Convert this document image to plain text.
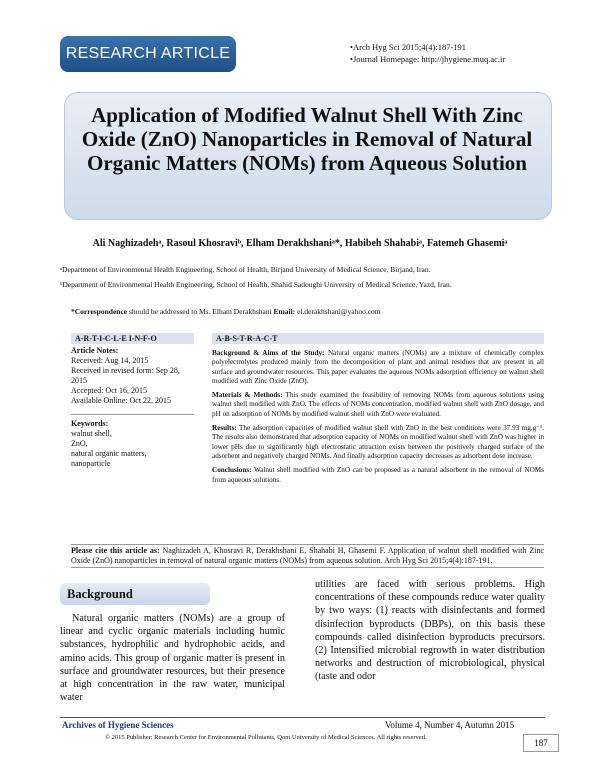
RESEARCH ARTICLE	•Arch Hyg Sci 2015;4(4):187-191
•Journal Homepage: http://jhygiene.muq.ac.ir
Application of Modified Walnut Shell With Zinc Oxide (ZnO) Nanoparticles in Removal of Natural Organic Matters (NOMs) from Aqueous Solution
Ali Naghizadehᵃ, Rasoul Khosraviᵇ, Elham Derakhshaniᵃ*, Habibeh Shahabiᵃ, Fatemeh Ghasemiᵃ
ᵃDepartment of Environmental Health Engineering, School of Health, Birjand University of Medical Science, Birjand, Iran.
ᵇDepartment of Environmental Health Engineering, School of Health, Shahid Sadoughi University of Medical Science, Yazd, Iran.
*Correspondence should be addressed to Ms. Elham Derakhshani Email: el.derakhshani@yahoo.com
A-R-T-I-C-L-E I-N-F-O
Article Notes:
Received: Aug 14, 2015
Received in revised form: Sep 28, 2015
Accepted: Oct 16, 2015
Available Online: Oct 22, 2015
Keywords:
walnut shell,
ZnO,
natural organic matters,
nanoparticle
A-B-S-T-R-A-C-T

Background & Aims of the Study: Natural organic matters (NOMs) are a mixture of chemically complex polyelectrolytes produced mainly from the decomposition of plant and animal residues that are present in all surface and groundwater resources. This paper evaluates the aqueous NOMs adsorption efficiency on walnut shell modified with Zinc Oxide (ZnO).

Materials & Methods: This study examined the feasibility of removing NOMs from aqueous solutions using walnut shell modified with ZnO. The effects of NOMs concentration, modified walnut shell with ZnO dosage, and pH on adsorption of NOMs by modified walnut shell with ZnO were evaluated.

Results: The adsorption capacities of modified walnut shell with ZnO in the best conditions were 37.93 mg.g⁻¹. The results also demonstrated that adsorption capacity of NOMs on modified walnut shell with ZnO was higher in lower pHs due to significantly high electrostatic attraction exists between the positively charged surface of the adsorbent and negatively charged NOMs. And finally adsorption capacity decreases as adsorbent dose increase.

Conclusions: Walnut shell modified with ZnO can be proposed as a natural adsorbent in the removal of NOMs from aqueous solutions.

Please cite this article as: Naghizadeh A, Khosravi R, Derakhshani E, Shahabi H, Ghasemi F. Application of walnut shell modified with Zinc Oxide (ZnO) nanoparticles in removal of natural organic matters (NOMs) from aqueous solution. Arch Hyg Sci 2015;4(4):187-191.
Background
Natural organic matters (NOMs) are a group of linear and cyclic organic materials including humic substances, hydrophilic and hydrophobic acids, and amino acids. This group of organic matter is present in surface and groundwater resources, but their presence at high concentration in the raw water, municipal water
utilities are faced with serious problems. High concentrations of these compounds reduce water quality by two ways: (1) reacts with disinfectants and formed disinfection byproducts (DBPs), on this basis these compounds called disinfection byproducts precursors. (2) Intensified microbial regrowth in water distribution networks and destruction of microbiological, physical (taste and odor
Archives of Hygiene Sciences	Volume 4, Number 4, Autumn 2015
© 2015 Publisher: Research Center for Environmental Pollutants, Qom University of Medical Sciences. All rights reserved.
187
